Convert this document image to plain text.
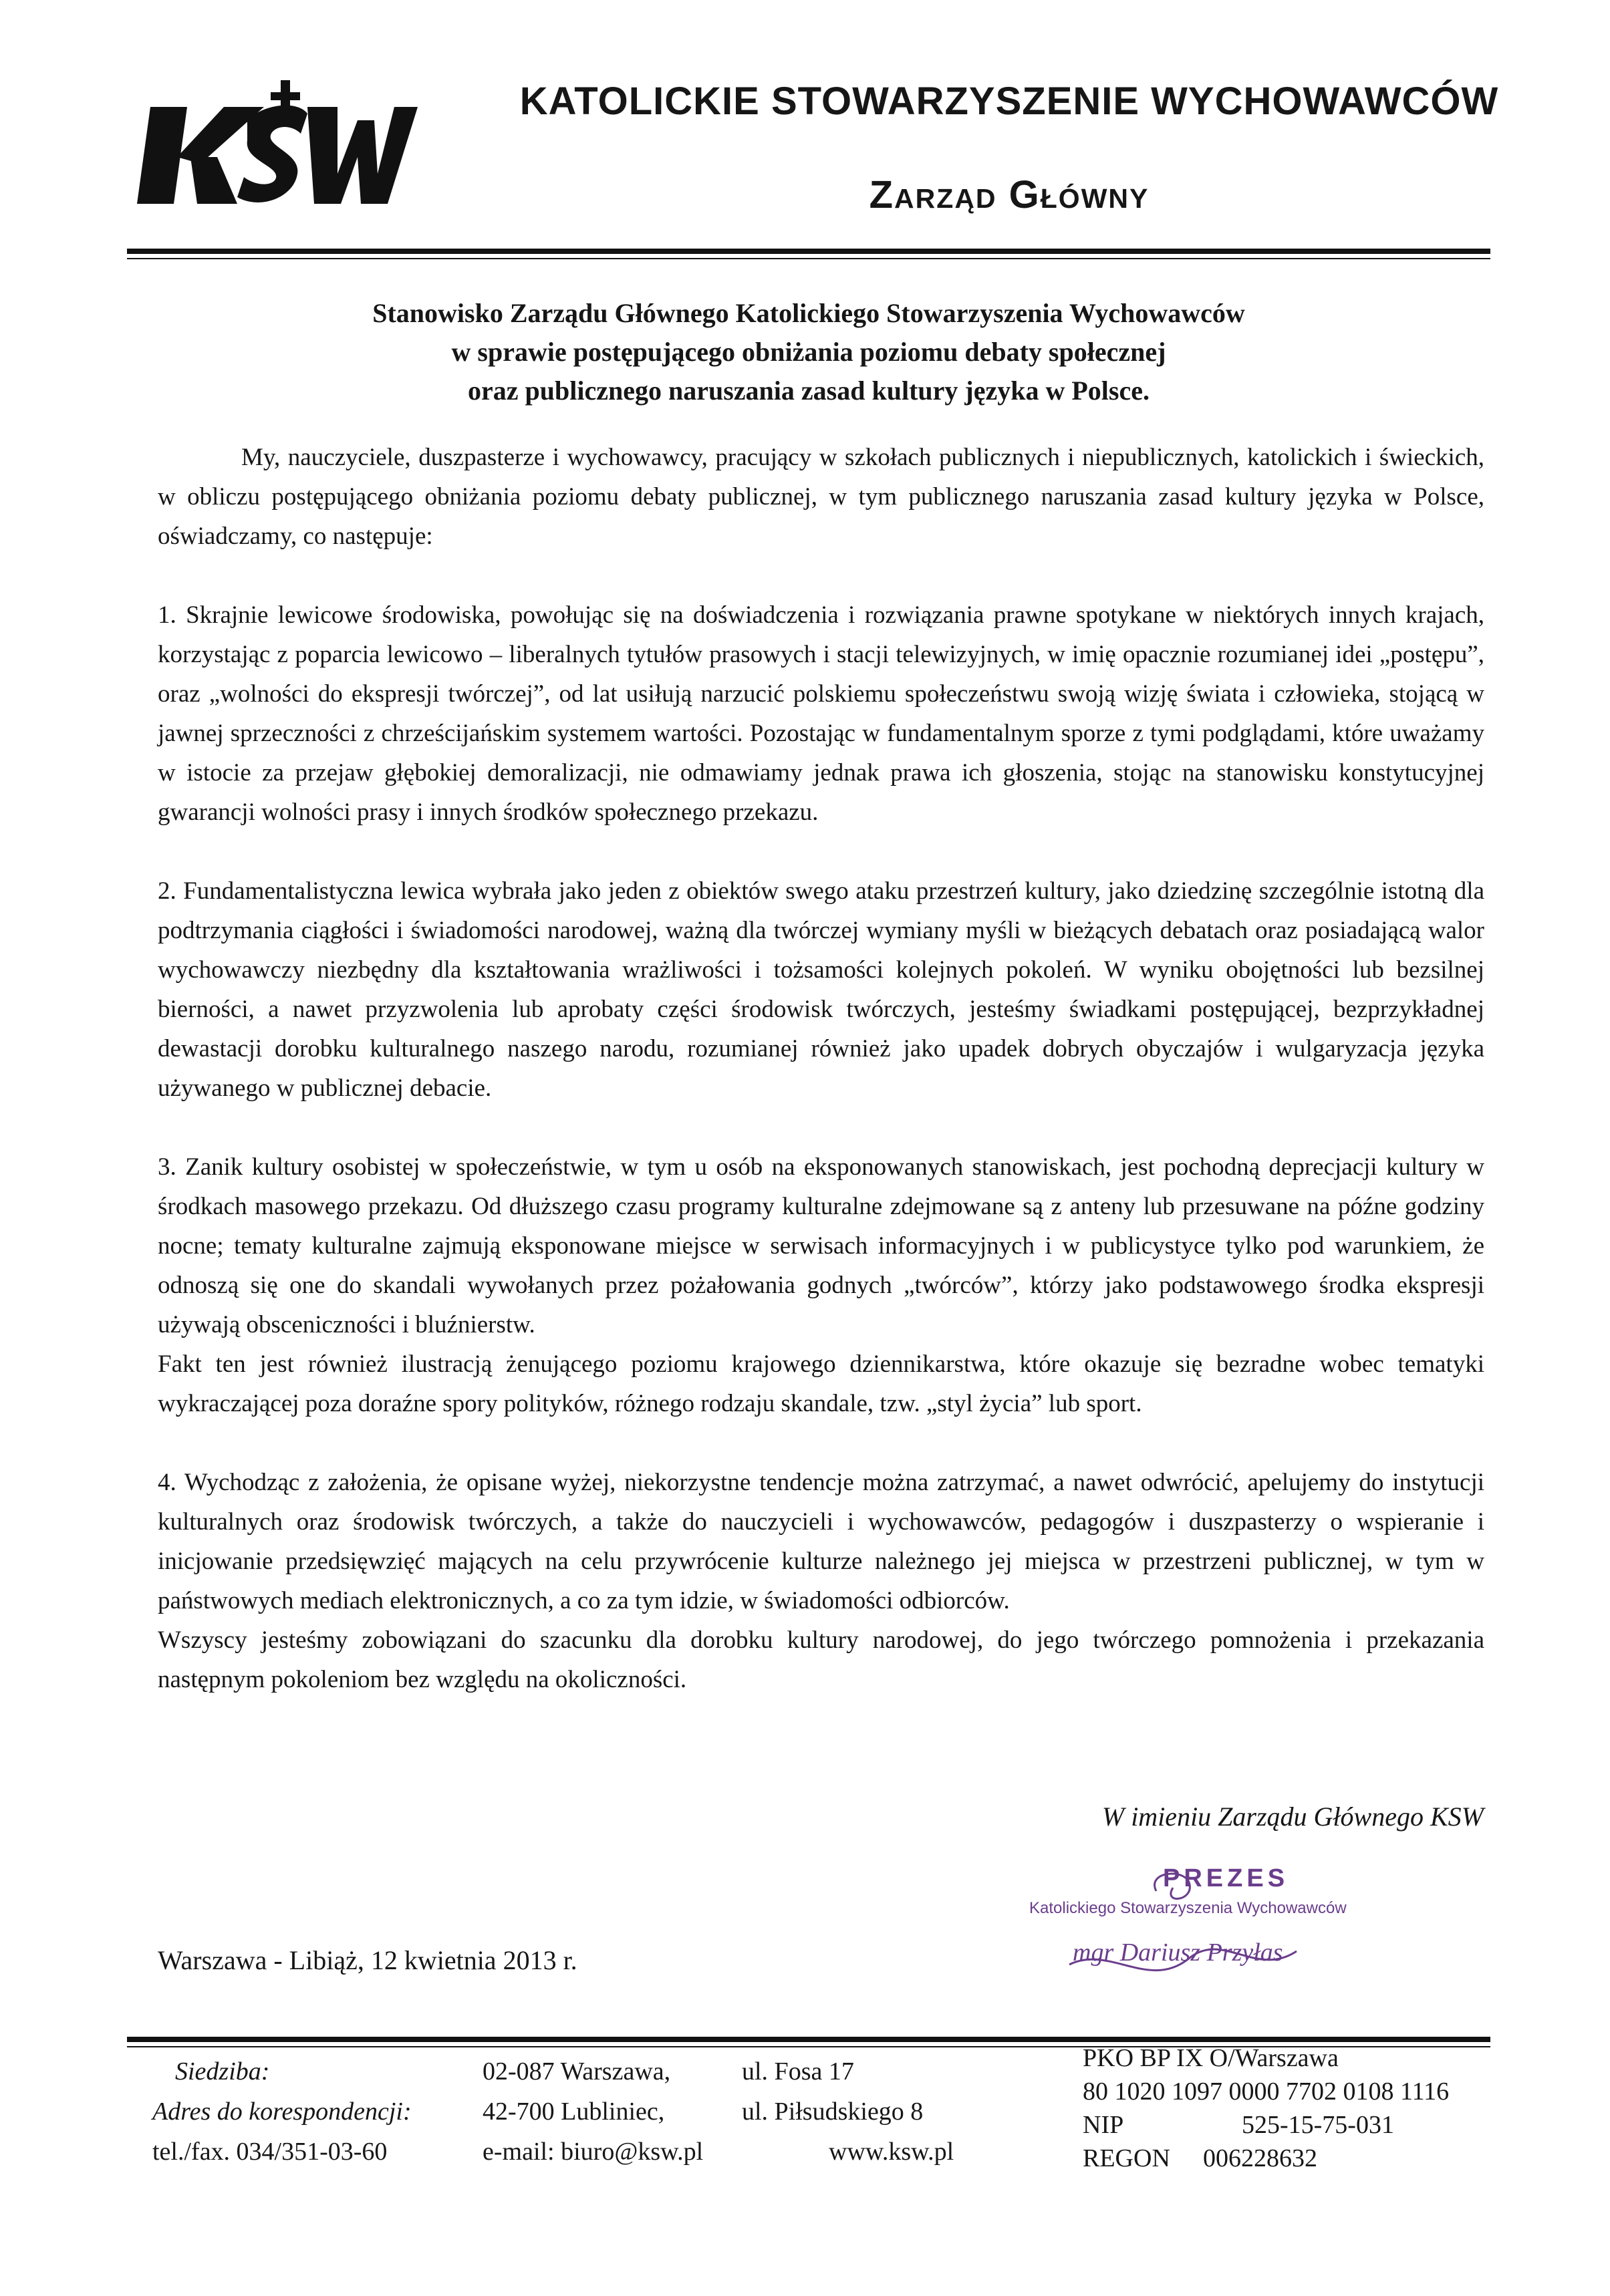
KATOLICKIE STOWARZYSZENIE WYCHOWAWCÓW
Zarząd Główny
Stanowisko Zarządu Głównego Katolickiego Stowarzyszenia Wychowawców
w sprawie postępującego obniżania poziomu debaty społecznej
oraz publicznego naruszania zasad kultury języka w Polsce.

My, nauczyciele, duszpasterze i wychowawcy, pracujący w szkołach publicznych i niepublicznych, katolickich i świeckich, w obliczu postępującego obniżania poziomu debaty publicznej, w tym publicznego naruszania zasad kultury języka w Polsce, oświadczamy, co następuje:

1. Skrajnie lewicowe środowiska, powołując się na doświadczenia i rozwiązania prawne spotykane w niektórych innych krajach, korzystając z poparcia lewicowo – liberalnych tytułów prasowych i stacji telewizyjnych, w imię opacznie rozumianej idei „postępu”, oraz „wolności do ekspresji twórczej”, od lat usiłują narzucić polskiemu społeczeństwu swoją wizję świata i człowieka, stojącą w jawnej sprzeczności z chrześcijańskim systemem wartości. Pozostając w fundamentalnym sporze z tymi podglądami, które uważamy w istocie za przejaw głębokiej demoralizacji, nie odmawiamy jednak prawa ich głoszenia, stojąc na stanowisku konstytucyjnej gwarancji wolności prasy i innych środków społecznego przekazu.

2. Fundamentalistyczna lewica wybrała jako jeden z obiektów swego ataku przestrzeń kultury, jako dziedzinę szczególnie istotną dla podtrzymania ciągłości i świadomości narodowej, ważną dla twórczej wymiany myśli w bieżących debatach oraz posiadającą walor wychowawczy niezbędny dla kształtowania wrażliwości i tożsamości kolejnych pokoleń. W wyniku obojętności lub bezsilnej bierności, a nawet przyzwolenia lub aprobaty części środowisk twórczych, jesteśmy świadkami postępującej, bezprzykładnej dewastacji dorobku kulturalnego naszego narodu, rozumianej również jako upadek dobrych obyczajów i wulgaryzacja języka używanego w publicznej debacie.

3. Zanik kultury osobistej w społeczeństwie, w tym u osób na eksponowanych stanowiskach, jest pochodną deprecjacji kultury w środkach masowego przekazu. Od dłuższego czasu programy kulturalne zdejmowane są z anteny lub przesuwane na późne godziny nocne; tematy kulturalne zajmują eksponowane miejsce w serwisach informacyjnych i w publicystyce tylko pod warunkiem, że odnoszą się one do skandali wywołanych przez pożałowania godnych „twórców”, którzy jako podstawowego środka ekspresji używają obsceniczności i bluźnierstw.

Fakt ten jest również ilustracją żenującego poziomu krajowego dziennikarstwa, które okazuje się bezradne wobec tematyki wykraczającej poza doraźne spory polityków, różnego rodzaju skandale, tzw. „styl życia” lub sport.

4. Wychodząc z założenia, że opisane wyżej, niekorzystne tendencje można zatrzymać, a nawet odwrócić, apelujemy do instytucji kulturalnych oraz środowisk twórczych, a także do nauczycieli i wychowawców, pedagogów i duszpasterzy o wspieranie i inicjowanie przedsięwzięć mających na celu przywrócenie kulturze należnego jej miejsca w przestrzeni publicznej, w tym w państwowych mediach elektronicznych, a co za tym idzie, w świadomości odbiorców.

Wszyscy jesteśmy zobowiązani do szacunku dla dorobku kultury narodowej, do jego twórczego pomnożenia i przekazania następnym pokoleniom bez względu na okoliczności.

W imieniu Zarządu Głównego KSW
PREZES
Katolickiego Stowarzyszenia Wychowawców
mgr Dariusz Przyłas
Warszawa - Libiąż, 12 kwietnia 2013 r.
Siedziba:	02-087 Warszawa,	ul. Fosa 17
Adres do korespondencji:	42-700 Lubliniec,	ul. Piłsudskiego 8
tel./fax. 034/351-03-60	e-mail: biuro@ksw.pl	www.ksw.pl
PKO BP IX O/Warszawa
80 1020 1097 0000 7702 0108 1116
NIP	525-15-75-031
REGON 006228632
